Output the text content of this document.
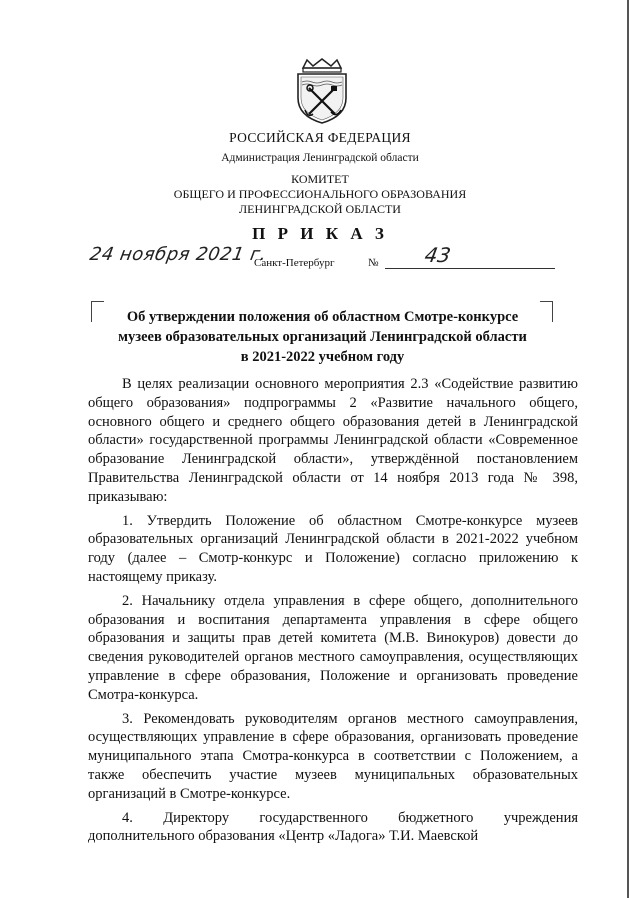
РОССИЙСКАЯ ФЕДЕРАЦИЯ
Администрация Ленинградской области
КОМИТЕТ
ОБЩЕГО И ПРОФЕССИОНАЛЬНОГО ОБРАЗОВАНИЯ
ЛЕНИНГРАДСКОЙ ОБЛАСТИ
П Р И К А З
24 ноября 2021 г.
Санкт-Петербург	№ 43
Об утверждении положения об областном Смотре-конкурсе
музеев образовательных организаций Ленинградской области
в 2021-2022 учебном году

В целях реализации основного мероприятия 2.3 «Содействие развитию общего образования» подпрограммы 2 «Развитие начального общего, основного общего и среднего общего образования детей в Ленинградской области» государственной программы Ленинградской области «Современное образование Ленинградской области», утверждённой постановлением Правительства Ленинградской области от 14 ноября 2013 года № 398, приказываю:

1. Утвердить Положение об областном Смотре-конкурсе музеев образовательных организаций Ленинградской области в 2021-2022 учебном году (далее – Смотр-конкурс и Положение) согласно приложению к настоящему приказу.

2. Начальнику отдела управления в сфере общего, дополнительного образования и воспитания департамента управления в сфере общего образования и защиты прав детей комитета (М.В. Винокуров) довести до сведения руководителей органов местного самоуправления, осуществляющих управление в сфере образования, Положение и организовать проведение Смотра-конкурса.

3. Рекомендовать руководителям органов местного самоуправления, осуществляющих управление в сфере образования, организовать проведение муниципального этапа Смотра-конкурса в соответствии с Положением, а также обеспечить участие музеев муниципальных образовательных организаций в Смотре-конкурсе.

4. Директору государственного бюджетного учреждения дополнительного образования «Центр «Ладога» Т.И. Маевской
